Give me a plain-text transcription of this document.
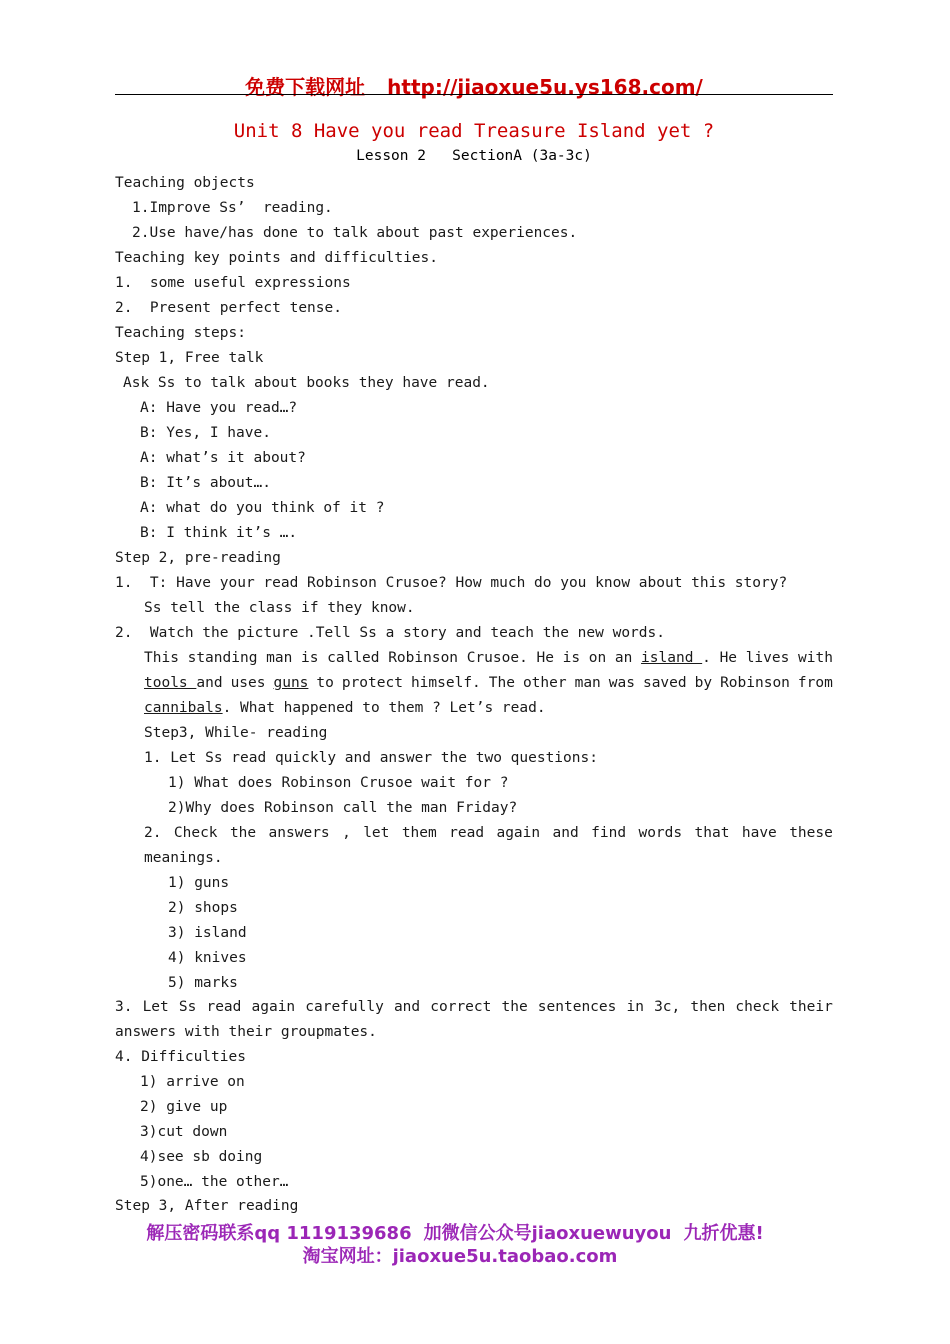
免费下载网址 http://jiaoxue5u.ys168.com/
Unit 8 Have you read Treasure Island yet ?
Lesson 2   SectionA (3a-3c)
Teaching objects
1.Improve Ss’  reading.
2.Use have/has done to talk about past experiences.
Teaching key points and difficulties.
1.  some useful expressions
2.  Present perfect tense.
Teaching steps:
Step 1, Free talk
Ask Ss to talk about books they have read.
A: Have you read…?
B: Yes, I have.
A: what’s it about?
B: It’s about….
A: what do you think of it ?
B: I think it’s ….
Step 2, pre-reading
1.  T: Have your read Robinson Crusoe? How much do you know about this story?
Ss tell the class if they know.
2.  Watch the picture .Tell Ss a story and teach the new words.
This standing man is called Robinson Crusoe. He is on an island . He lives with
tools and uses guns to protect himself. The other man was saved by Robinson from
cannibals. What happened to them ? Let’s read.
Step3, While- reading
1. Let Ss read quickly and answer the two questions:
1) What does Robinson Crusoe wait for ?
2)Why does Robinson call the man Friday?
2. Check the answers , let them read again and find words that have these
meanings.
1) guns
2) shops
3) island
4) knives
5) marks
3. Let Ss read again carefully and correct the sentences in 3c, then check their
answers with their groupmates.
4. Difficulties
1) arrive on
2) give up
3)cut down
4)see sb doing
5)one… the other…
Step 3, After reading
解压密码联系qq 1119139686 加微信公众号jiaoxuewuyou 九折优惠!
淘宝网址：jiaoxue5u.taobao.com
